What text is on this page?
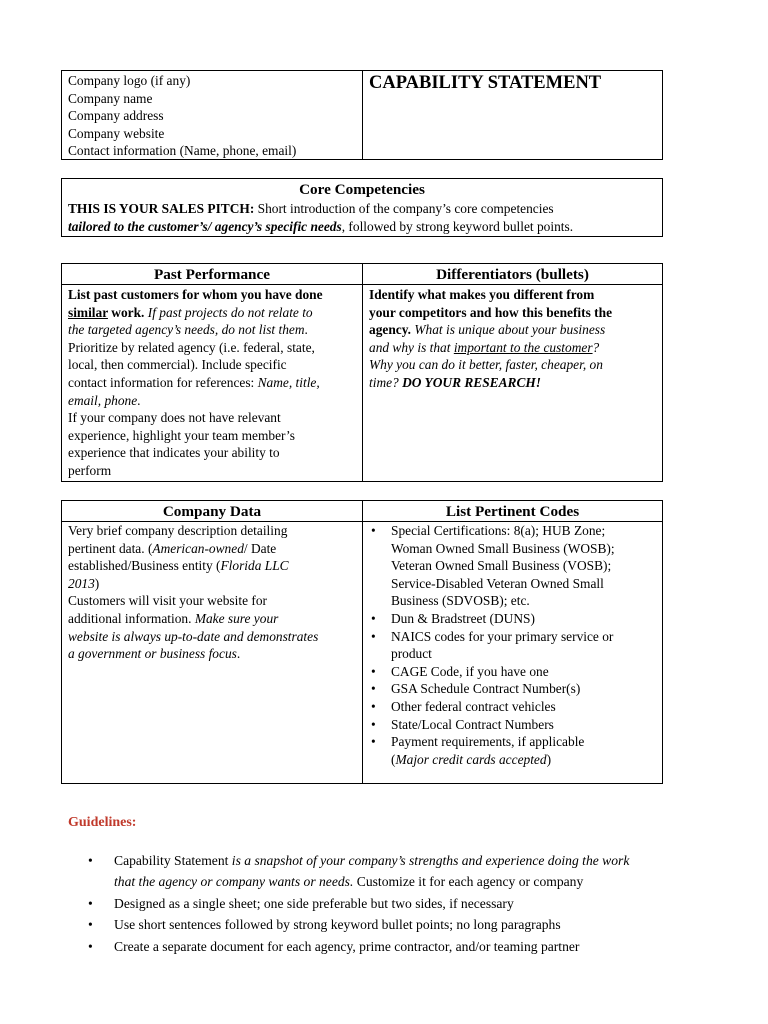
Company logo (if any)
Company name
Company address
Company website
Contact information (Name, phone, email)
CAPABILITY STATEMENT
Core Competencies
THIS IS YOUR SALES PITCH: Short introduction of the company’s core competencies
tailored to the customer’s/ agency’s specific needs, followed by strong keyword bullet points.
Past Performance	Differentiators (bullets)
List past customers for whom you have done
similar work. If past projects do not relate to
the targeted agency’s needs, do not list them.
Prioritize by related agency (i.e. federal, state,
local, then commercial). Include specific
contact information for references: Name, title,
email, phone.
If your company does not have relevant
experience, highlight your team member’s
experience that indicates your ability to
perform
Identify what makes you different from
your competitors and how this benefits the
agency. What is unique about your business
and why is that important to the customer?
Why you can do it better, faster, cheaper, on
time? DO YOUR RESEARCH!
Company Data	List Pertinent Codes
Very brief company description detailing
pertinent data. (American-owned/ Date
established/Business entity (Florida LLC
2013)
Customers will visit your website for
additional information. Make sure your
website is always up-to-date and demonstrates
a government or business focus.
• Special Certifications: 8(a); HUB Zone;
Woman Owned Small Business (WOSB);
Veteran Owned Small Business (VOSB);
Service-Disabled Veteran Owned Small
Business (SDVOSB); etc.
• Dun & Bradstreet (DUNS)
• NAICS codes for your primary service or
product
• CAGE Code, if you have one
• GSA Schedule Contract Number(s)
• Other federal contract vehicles
• State/Local Contract Numbers
• Payment requirements, if applicable
(Major credit cards accepted)
Guidelines:
• Capability Statement is a snapshot of your company’s strengths and experience doing the work
that the agency or company wants or needs. Customize it for each agency or company
• Designed as a single sheet; one side preferable but two sides, if necessary
• Use short sentences followed by strong keyword bullet points; no long paragraphs
• Create a separate document for each agency, prime contractor, and/or teaming partner
